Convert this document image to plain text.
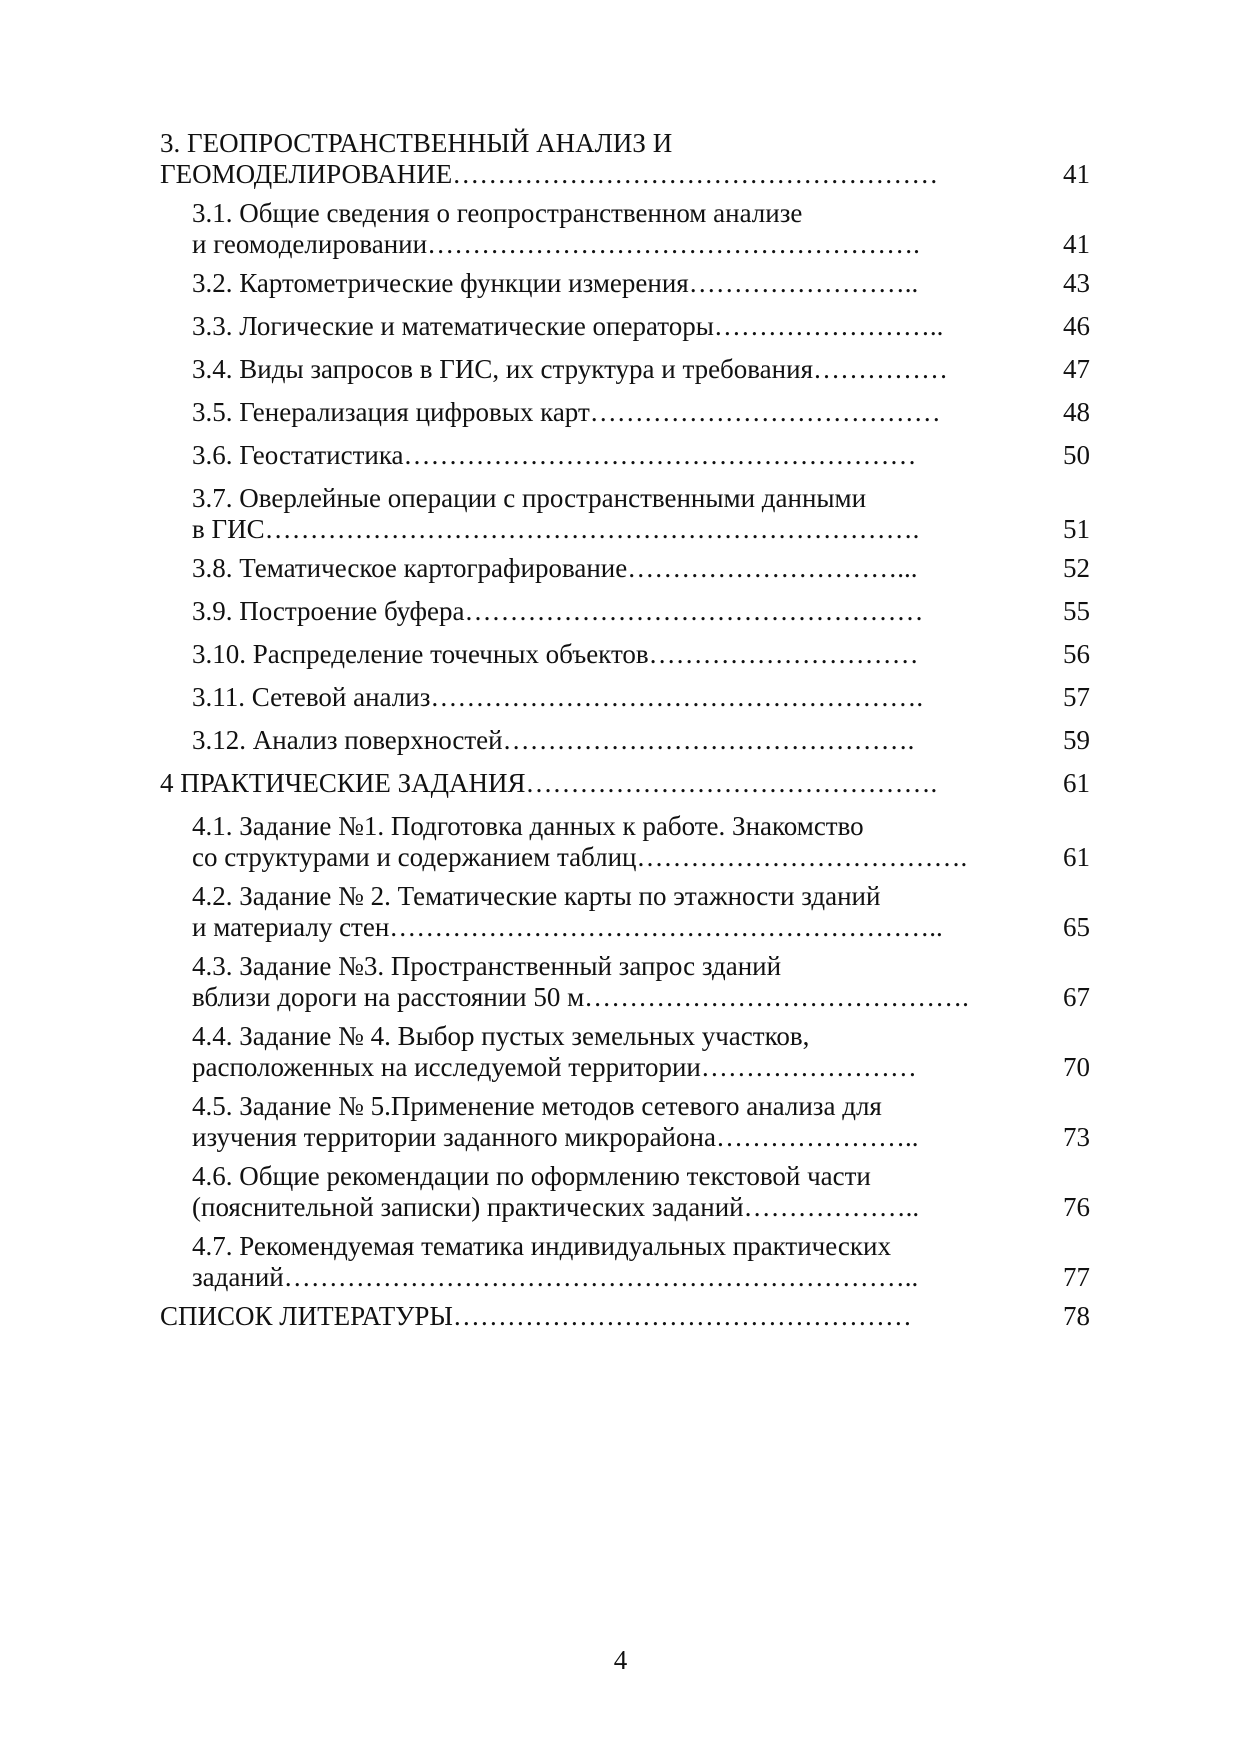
3. ГЕОПРОСТРАНСТВЕННЫЙ АНАЛИЗ И
ГЕОМОДЕЛИРОВАНИЕ………………………………………………	41
3.1. Общие сведения о геопространственном анализе
и геомоделировании……………………………………………….	41
3.2. Картометрические функции измерения……………………..	43
3.3. Логические и математические операторы……………………..	46
3.4. Виды запросов в ГИС, их структура и требования……………	47
3.5. Генерализация цифровых карт…………………………………	48
3.6. Геостатистика…………………………………………………	50
3.7. Оверлейные операции с пространственными данными
в ГИС……………………………………………………………….	51
3.8. Тематическое картографирование…………………………...	52
3.9. Построение буфера……………………………………………	55
3.10. Распределение точечных объектов…………………………	56
3.11. Сетевой анализ……………………………………………….	57
3.12. Анализ поверхностей……………………………………….	59
4 ПРАКТИЧЕСКИЕ ЗАДАНИЯ……………………………………….	61
4.1. Задание №1. Подготовка данных к работе. Знакомство
со структурами и содержанием таблиц……………………………….	61
4.2. Задание № 2. Тематические карты по этажности зданий
и материалу стен……………………………………………………..	65
4.3. Задание №3. Пространственный запрос зданий
вблизи дороги на расстоянии 50 м…………………………………….	67
4.4. Задание № 4. Выбор пустых земельных участков,
расположенных на исследуемой территории……………………	70
4.5. Задание № 5.Применение методов сетевого анализа для
изучения территории заданного микрорайона…………………..	73
4.6. Общие рекомендации по оформлению текстовой части
(пояснительной записки) практических заданий………………..	76
4.7. Рекомендуемая тематика индивидуальных практических
заданий……………………………………………………………..	77
СПИСОК ЛИТЕРАТУРЫ……………………………………………	78
4
